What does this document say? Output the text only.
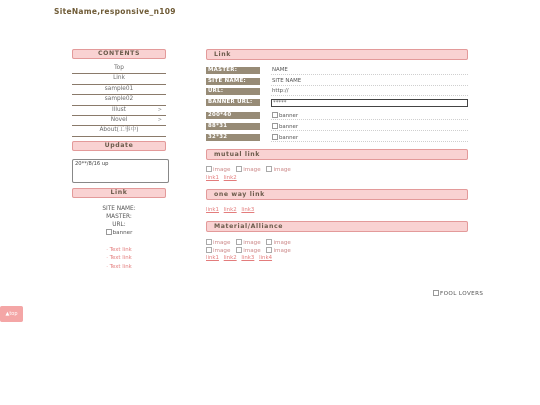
SiteName,responsive_n109
CONTENTS
Top
Link
sample01
sample02
Illust	>
Novel	>
About(工事中)
Update
20**/8/16 up
Link
SITE NAME:
MASTER:
URL:
banner
· Text link
· Text link
· Text link
Link
MASTER:	NAME
SITE NAME:	SITE NAME
URL:	http://
BANNER URL:	*****
200*40	banner
88*31	banner
32*32	banner
mutual link
image image image
link1 link2
one way link
link1 link2 link3
Material/Alliance
image image image
image image image
link1 link2 link3 link4
FOOL LOVERS
▲top
